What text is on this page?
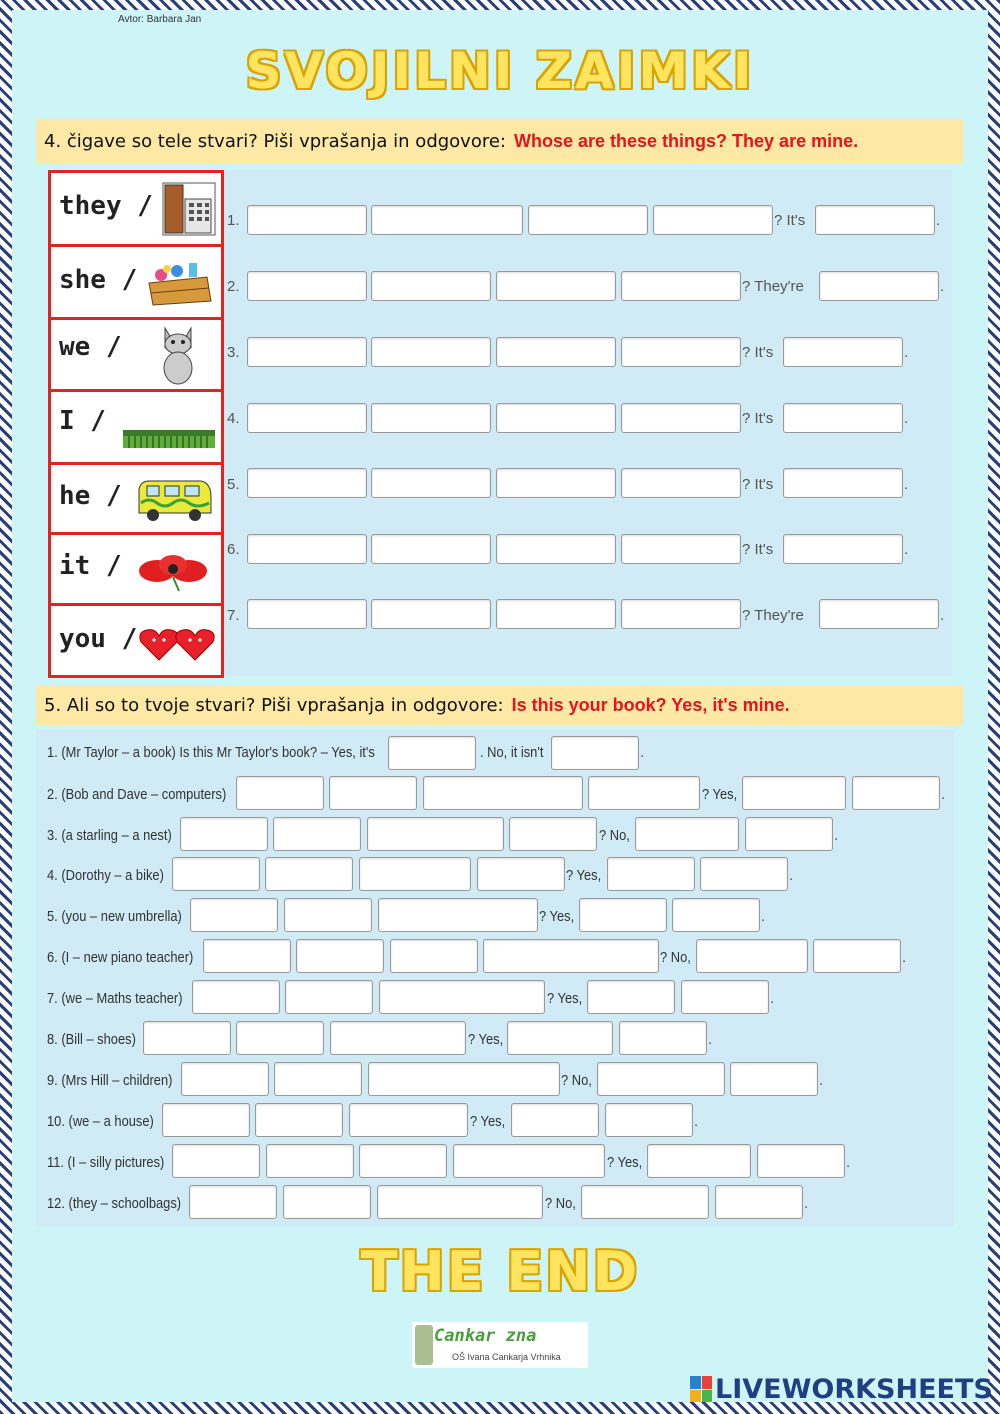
Avtor: Barbara Jan
SVOJILNI ZAIMKI
4. čigave so tele stvari? Piši vprašanja in odgovore: Whose are these things? They are mine.
they /
she /
we /
I /
he /
it /
you /
1.	? It's	.
2.	? They're	.
3.	? It's	.
4.	? It's	.
5.	? It's	.
6.	? It's	.
7.	? They're	.
5. Ali so to tvoje stvari? Piši vprašanja in odgovore: Is this your book? Yes, it's mine.
1. (Mr Taylor – a book) Is this Mr Taylor's book? – Yes, it's	. No, it isn't	.
2. (Bob and Dave – computers)	? Yes,	.
3. (a starling – a nest)	? No,	.
4. (Dorothy – a bike)	? Yes,	.
5. (you – new umbrella)	? Yes,	.
6. (I – new piano teacher)	? No,	.
7. (we – Maths teacher)	? Yes,	.
8. (Bill – shoes)	? Yes,	.
9. (Mrs Hill – children)	? No,	.
10. (we – a house)	? Yes,	.
11. (I – silly pictures)	? Yes,	.
12. (they – schoolbags)	? No,	.
THE END
Cankar zna
OŠ Ivana Cankarja Vrhnika
LIVEWORKSHEETS
